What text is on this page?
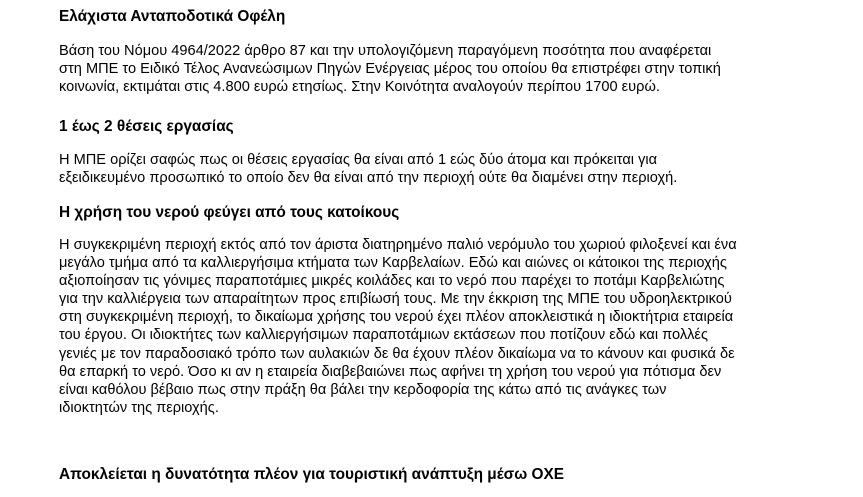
Ελάχιστα Ανταποδοτικά Οφέλη

Βάση του Νόμου 4964/2022 άρθρο 87 και την υπολογιζόμενη παραγόμενη ποσότητα που αναφέρεται
στη ΜΠΕ το Ειδικό Τέλος Ανανεώσιμων Πηγών Ενέργειας μέρος του οποίου θα επιστρέφει στην τοπική
κοινωνία, εκτιμάται στις 4.800 ευρώ ετησίως. Στην Κοινότητα αναλογούν περίπου 1700 ευρώ.

1 έως 2 θέσεις εργασίας

Η ΜΠΕ ορίζει σαφώς πως οι θέσεις εργασίας θα είναι από 1 εώς δύο άτομα και πρόκειται για
εξειδικευμένο προσωπικό το οποίο δεν θα είναι από την περιοχή ούτε θα διαμένει στην περιοχή.

Η χρήση του νερού φεύγει από τους κατοίκους

Η συγκεκριμένη περιοχή εκτός από τον άριστα διατηρημένο παλιό νερόμυλο του χωριού φιλοξενεί και ένα
μεγάλο τμήμα από τα καλλιεργήσιμα κτήματα των Καρβελαίων. Εδώ και αιώνες οι κάτοικοι της περιοχής
αξιοποίησαν τις γόνιμες παραποτάμιες μικρές κοιλάδες και το νερό που παρέχει το ποτάμι Καρβελιώτης
για την καλλιέργεια των απαραίτητων προς επιβίωσή τους. Με την έκκριση της ΜΠΕ του υδροηλεκτρικού
στη συγκεκριμένη περιοχή, το δικαίωμα χρήσης του νερού έχει πλέον αποκλειστικά η ιδιοκτήτρια εταιρεία
του έργου. Οι ιδιοκτήτες των καλλιεργήσιμων παραποτάμιων εκτάσεων που ποτίζουν εδώ και πολλές
γενιές με τον παραδοσιακό τρόπο των αυλακιών δε θα έχουν πλέον δικαίωμα να το κάνουν και φυσικά δε
θα επαρκή το νερό. Όσο κι αν η εταιρεία διαβεβαιώνει πως αφήνει τη χρήση του νερού για πότισμα δεν
είναι καθόλου βέβαιο πως στην πράξη θα βάλει την κερδοφορία της κάτω από τις ανάγκες των
ιδιοκτητών της περιοχής.

Αποκλείεται η δυνατότητα πλέον για τουριστική ανάπτυξη μέσω ΟΧΕ
